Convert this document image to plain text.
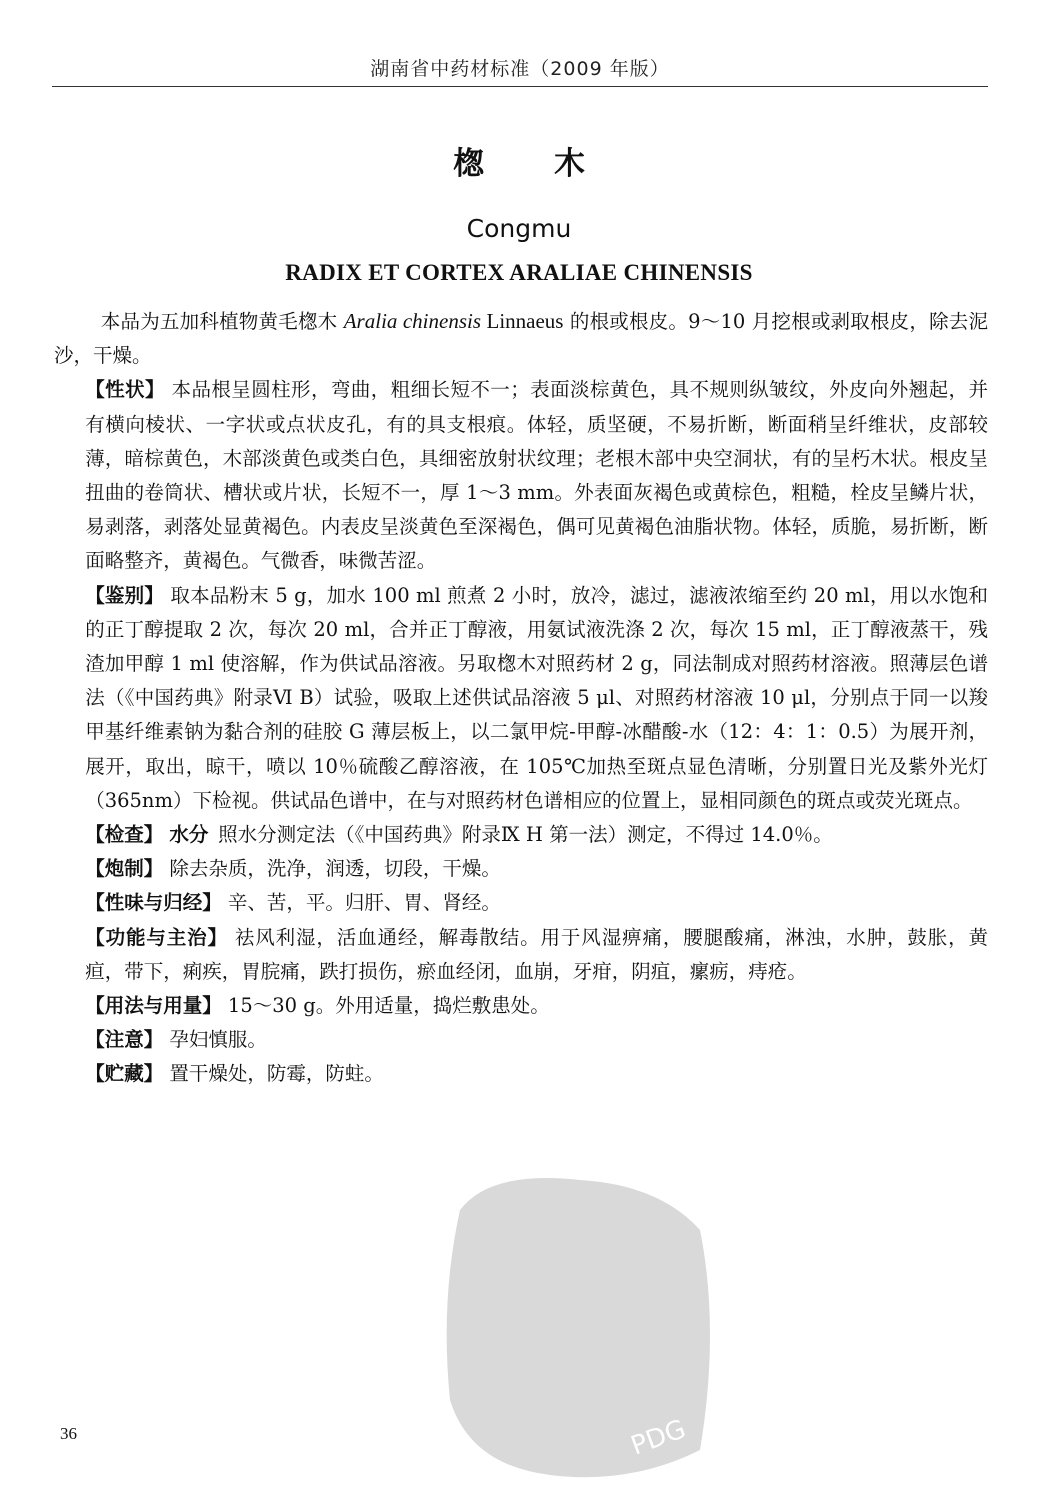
湖南省中药材标准（2009 年版）
楤 木
Congmu
RADIX ET CORTEX ARALIAE CHINENSIS

本品为五加科植物黄毛楤木 Aralia chinensis Linnaeus 的根或根皮。9～10 月挖根或剥取根皮，除去泥沙，干燥。

【性状】 本品根呈圆柱形，弯曲，粗细长短不一；表面淡棕黄色，具不规则纵皱纹，外皮向外翘起，并有横向棱状、一字状或点状皮孔，有的具支根痕。体轻，质坚硬，不易折断，断面稍呈纤维状，皮部较薄，暗棕黄色，木部淡黄色或类白色，具细密放射状纹理；老根木部中央空洞状，有的呈朽木状。根皮呈扭曲的卷筒状、槽状或片状，长短不一，厚 1～3 mm。外表面灰褐色或黄棕色，粗糙，栓皮呈鳞片状，易剥落，剥落处显黄褐色。内表皮呈淡黄色至深褐色，偶可见黄褐色油脂状物。体轻，质脆，易折断，断面略整齐，黄褐色。气微香，味微苦涩。

【鉴别】 取本品粉末 5 g，加水 100 ml 煎煮 2 小时，放冷，滤过，滤液浓缩至约 20 ml，用以水饱和的正丁醇提取 2 次，每次 20 ml，合并正丁醇液，用氨试液洗涤 2 次，每次 15 ml，正丁醇液蒸干，残渣加甲醇 1 ml 使溶解，作为供试品溶液。另取楤木对照药材 2 g，同法制成对照药材溶液。照薄层色谱法（《中国药典》附录Ⅵ B）试验，吸取上述供试品溶液 5 μl、对照药材溶液 10 μl，分别点于同一以羧甲基纤维素钠为黏合剂的硅胶 G 薄层板上，以二氯甲烷-甲醇-冰醋酸-水（12：4：1：0.5）为展开剂，展开，取出，晾干，喷以 10％硫酸乙醇溶液，在 105℃加热至斑点显色清晰，分别置日光及紫外光灯（365nm）下检视。供试品色谱中，在与对照药材色谱相应的位置上，显相同颜色的斑点或荧光斑点。

【检查】 水分 照水分测定法（《中国药典》附录Ⅸ H 第一法）测定，不得过 14.0％。

【炮制】 除去杂质，洗净，润透，切段，干燥。

【性味与归经】 辛、苦，平。归肝、胃、肾经。

【功能与主治】 祛风利湿，活血通经，解毒散结。用于风湿痹痛，腰腿酸痛，淋浊，水肿，鼓胀，黄疸，带下，痢疾，胃脘痛，跌打损伤，瘀血经闭，血崩，牙疳，阴疽，瘰疬，痔疮。

【用法与用量】 15～30 g。外用适量，捣烂敷患处。

【注意】 孕妇慎服。

【贮藏】 置干燥处，防霉，防蛀。

36	PDG
